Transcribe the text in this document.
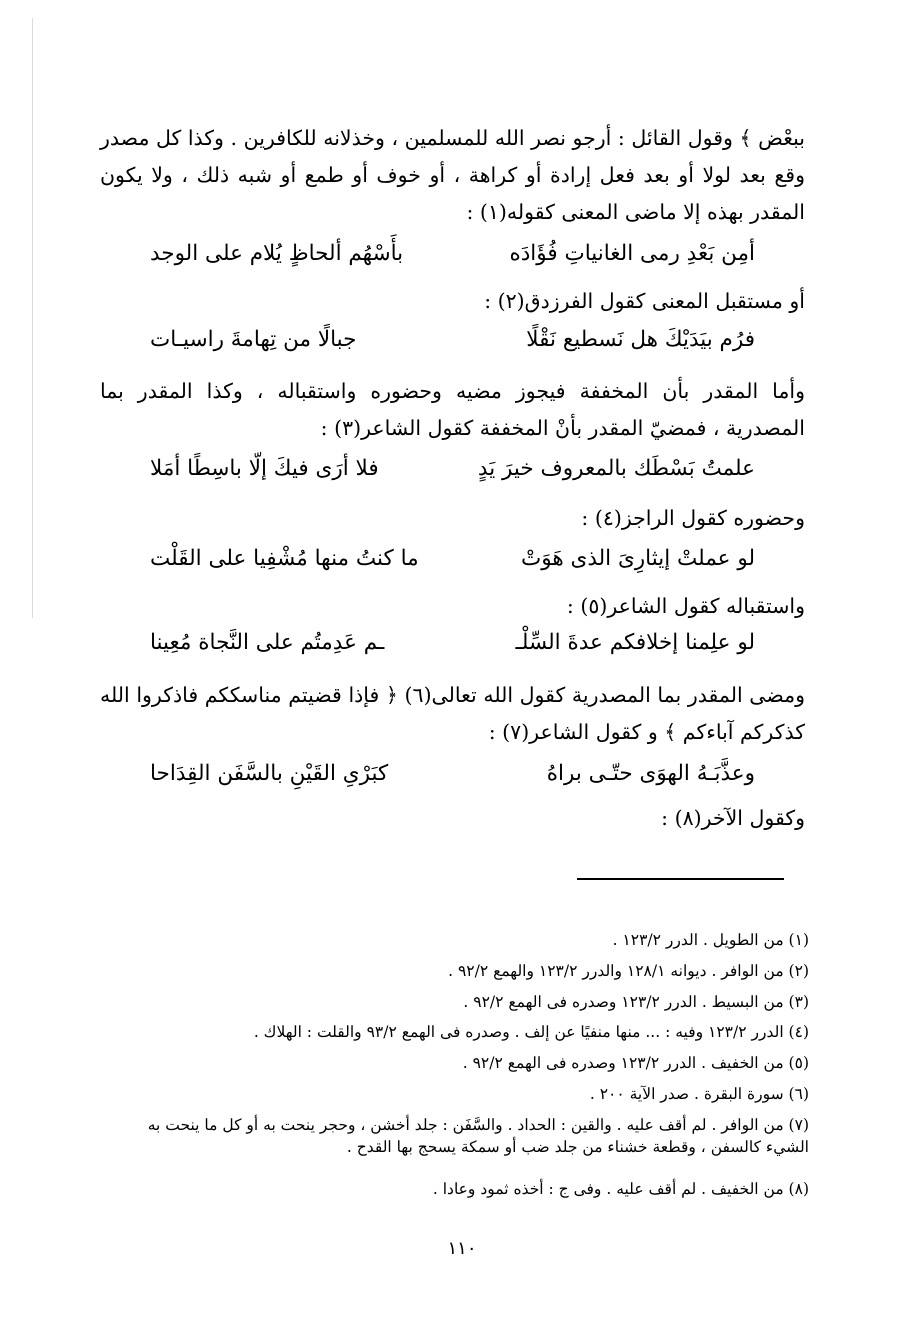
ببعْض ﴾ وقول القائل : أرجو نصر الله للمسلمين ، وخذلانه للكافرين . وكذا كل مصدر وقع بعد لولا أو بعد فعل إرادة أو كراهة ، أو خوف أو طمع أو شبه ذلك ، ولا يكون المقدر بهذه إلا ماضى المعنى كقوله(١) :
أمِن بَعْدِ رمى الغانياتِ فُؤَادَه
بأَسْهُم ألحاظٍ يُلام على الوجد
أو مستقبل المعنى كقول الفرزدق(٢) :
فرُم بيَدَيْكَ هل نَسطيع نَقْلًا
جبالًا من تِهامةَ راسيـات
وأما المقدر بأن المخففة فيجوز مضيه وحضوره واستقباله ، وكذا المقدر بما المصدرية ، فمضيّ المقدر بأنْ المخففة كقول الشاعر(٣) :
علمتُ بَسْطَك بالمعروف خيرَ يَدٍ
فلا أرَى فيكَ إلّا باسِطًا أمَلا
وحضوره كقول الراجز(٤) :
لو عملتْ إيثارِىَ الذى هَوَتْ
ما كنتُ منها مُشْفِيا على القَلْت
واستقباله كقول الشاعر(٥) :
لو علِمنا إخلافكم عدةَ السِّلْـ
ـم عَدِمتُم على النَّجاة مُعِينا
ومضى المقدر بما المصدرية كقول الله تعالى(٦) ﴿ فإذا قضيتم مناسككم فاذكروا الله كذكركم آباءكم ﴾ و كقول الشاعر(٧) :
وعذَّبَـهُ الهوَى حتّـى براهُ
كبَرْىِ القَيْنِ بالسَّفَن القِدَاحا
وكقول الآخر(٨) :
(١) من الطويل . الدرر ١٢٣/٢ .
(٢) من الوافر . ديوانه ١٢٨/١ والدرر ١٢٣/٢ والهمع ٩٢/٢ .
(٣) من البسيط . الدرر ١٢٣/٢ وصدره فى الهمع ٩٢/٢ .
(٤) الدرر ١٢٣/٢ وفيه : ... منها منفيًا عن إلف . وصدره فى الهمع ٩٣/٢ والقلت : الهلاك .
(٥) من الخفيف . الدرر ١٢٣/٢ وصدره فى الهمع ٩٢/٢ .
(٦) سورة البقرة . صدر الآية ٢٠٠ .
(٧) من الوافر . لم أقف عليه . والقين : الحداد . والسَّفَن : جلد أخشن ، وحجر ينحت به أو كل ما ينحت به الشيء كالسفن ، وقطعة خشناء من جلد ضب أو سمكة يسحج بها القدح .
(٨) من الخفيف . لم أقف عليه . وفى ج : أخذه ثمود وعادا .
١١٠
